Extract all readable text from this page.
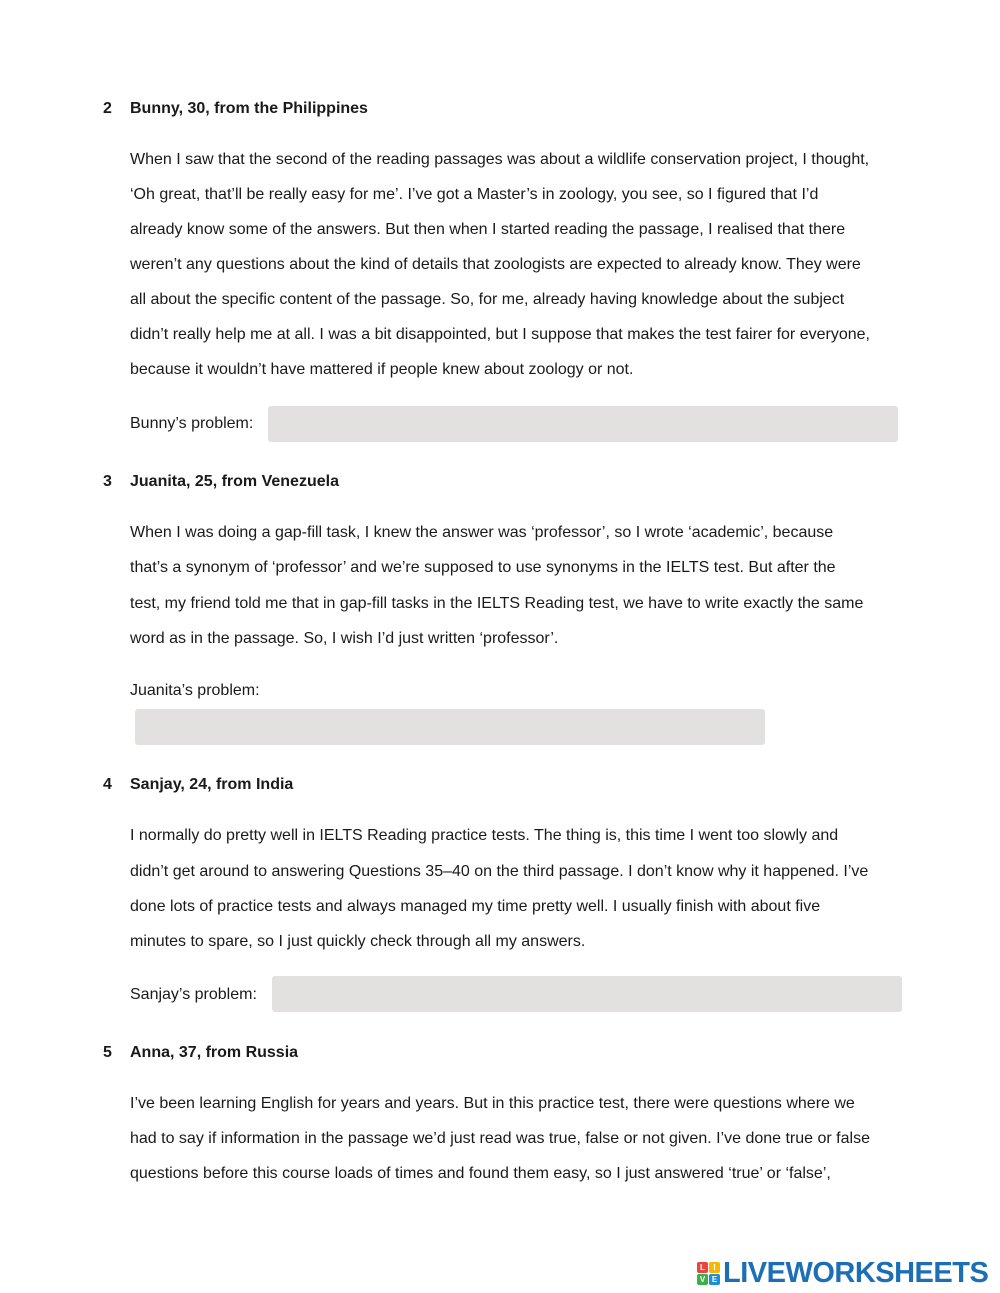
2 Bunny, 30, from the Philippines
When I saw that the second of the reading passages was about a wildlife conservation project, I thought,
‘Oh great, that’ll be really easy for me’. I’ve got a Master’s in zoology, you see, so I figured that I’d
already know some of the answers. But then when I started reading the passage, I realised that there
weren’t any questions about the kind of details that zoologists are expected to already know. They were
all about the specific content of the passage. So, for me, already having knowledge about the subject
didn’t really help me at all. I was a bit disappointed, but I suppose that makes the test fairer for everyone,
because it wouldn’t have mattered if people knew about zoology or not.
Bunny’s problem:
3 Juanita, 25, from Venezuela
When I was doing a gap-fill task, I knew the answer was ‘professor’, so I wrote ‘academic’, because
that’s a synonym of ‘professor’ and we’re supposed to use synonyms in the IELTS test. But after the
test, my friend told me that in gap-fill tasks in the IELTS Reading test, we have to write exactly the same
word as in the passage. So, I wish I’d just written ‘professor’.
Juanita’s problem:
4 Sanjay, 24, from India
I normally do pretty well in IELTS Reading practice tests. The thing is, this time I went too slowly and
didn’t get around to answering Questions 35–40 on the third passage. I don’t know why it happened. I’ve
done lots of practice tests and always managed my time pretty well. I usually finish with about five
minutes to spare, so I just quickly check through all my answers.
Sanjay’s problem:
5 Anna, 37, from Russia
I’ve been learning English for years and years. But in this practice test, there were questions where we
had to say if information in the passage we’d just read was true, false or not given. I’ve done true or false
questions before this course loads of times and found them easy, so I just answered ‘true’ or ‘false’,
L	I
V E LIVEWORKSHEETS
